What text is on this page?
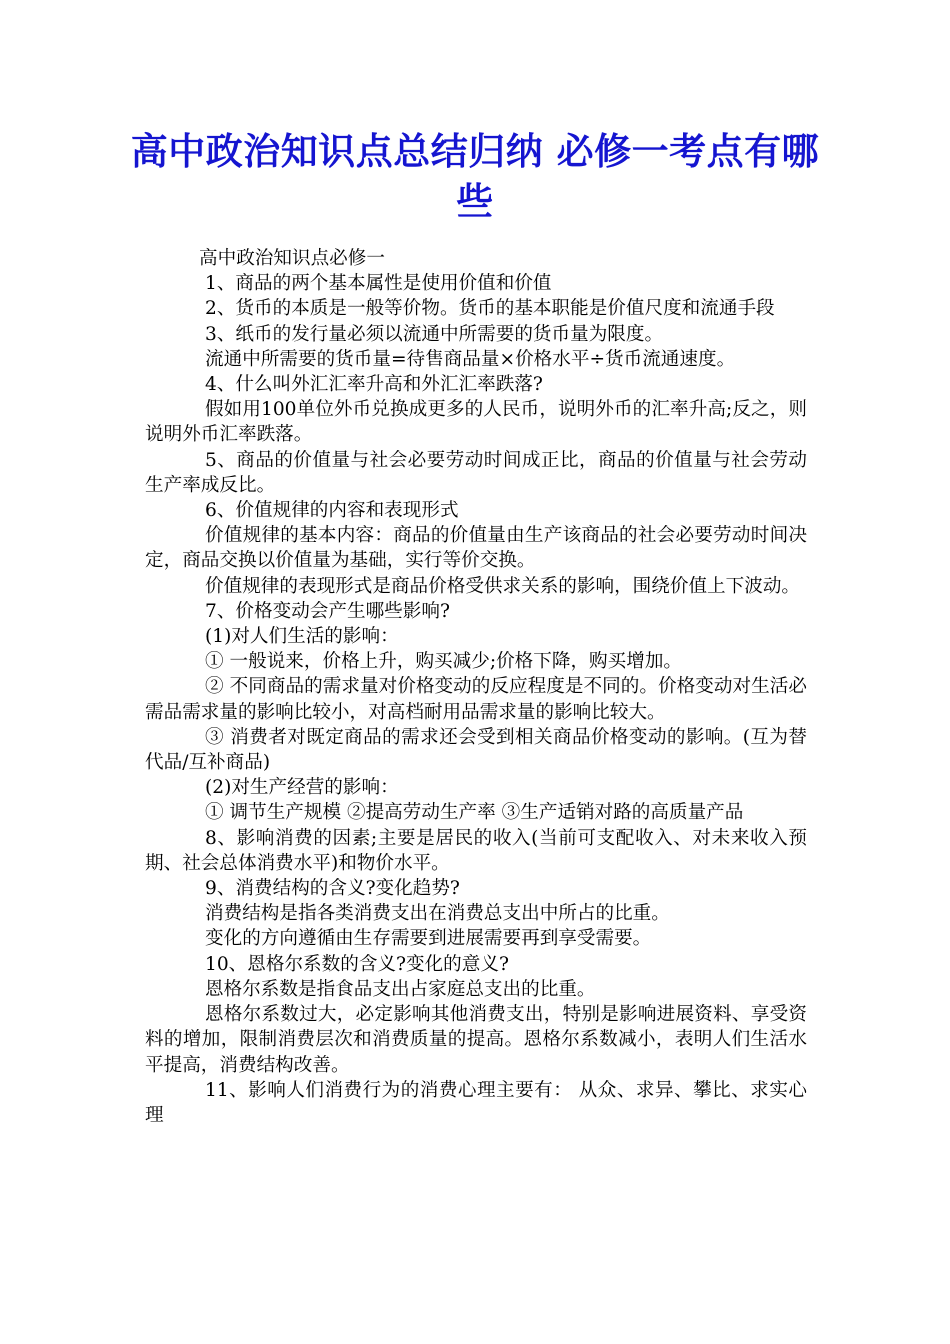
高中政治知识点总结归纳 必修一考点有哪些

高中政治知识点必修一

1、商品的两个基本属性是使用价值和价值

2、货币的本质是一般等价物。货币的基本职能是价值尺度和流通手段

3、纸币的发行量必须以流通中所需要的货币量为限度。

流通中所需要的货币量=待售商品量×价格水平÷货币流通速度。

4、什么叫外汇汇率升高和外汇汇率跌落?

假如用100单位外币兑换成更多的人民币，说明外币的汇率升高;反之，则说明外币汇率跌落。

5、商品的价值量与社会必要劳动时间成正比，商品的价值量与社会劳动生产率成反比。

6、价值规律的内容和表现形式

价值规律的基本内容：商品的价值量由生产该商品的社会必要劳动时间决定，商品交换以价值量为基础，实行等价交换。

价值规律的表现形式是商品价格受供求关系的影响，围绕价值上下波动。

7、价格变动会产生哪些影响?

(1)对人们生活的影响：

① 一般说来，价格上升，购买减少;价格下降，购买增加。

② 不同商品的需求量对价格变动的反应程度是不同的。价格变动对生活必需品需求量的影响比较小，对高档耐用品需求量的影响比较大。

③ 消费者对既定商品的需求还会受到相关商品价格变动的影响。(互为替代品/互补商品)

(2)对生产经营的影响：

① 调节生产规模 ②提高劳动生产率 ③生产适销对路的高质量产品

8、影响消费的因素;主要是居民的收入(当前可支配收入、对未来收入预期、社会总体消费水平)和物价水平。

9、消费结构的含义?变化趋势?

消费结构是指各类消费支出在消费总支出中所占的比重。

变化的方向遵循由生存需要到进展需要再到享受需要。

10、恩格尔系数的含义?变化的意义?

恩格尔系数是指食品支出占家庭总支出的比重。

恩格尔系数过大，必定影响其他消费支出，特别是影响进展资料、享受资料的增加，限制消费层次和消费质量的提高。恩格尔系数减小，表明人们生活水平提高，消费结构改善。

11、影响人们消费行为的消费心理主要有： 从众、求异、攀比、求实心理
